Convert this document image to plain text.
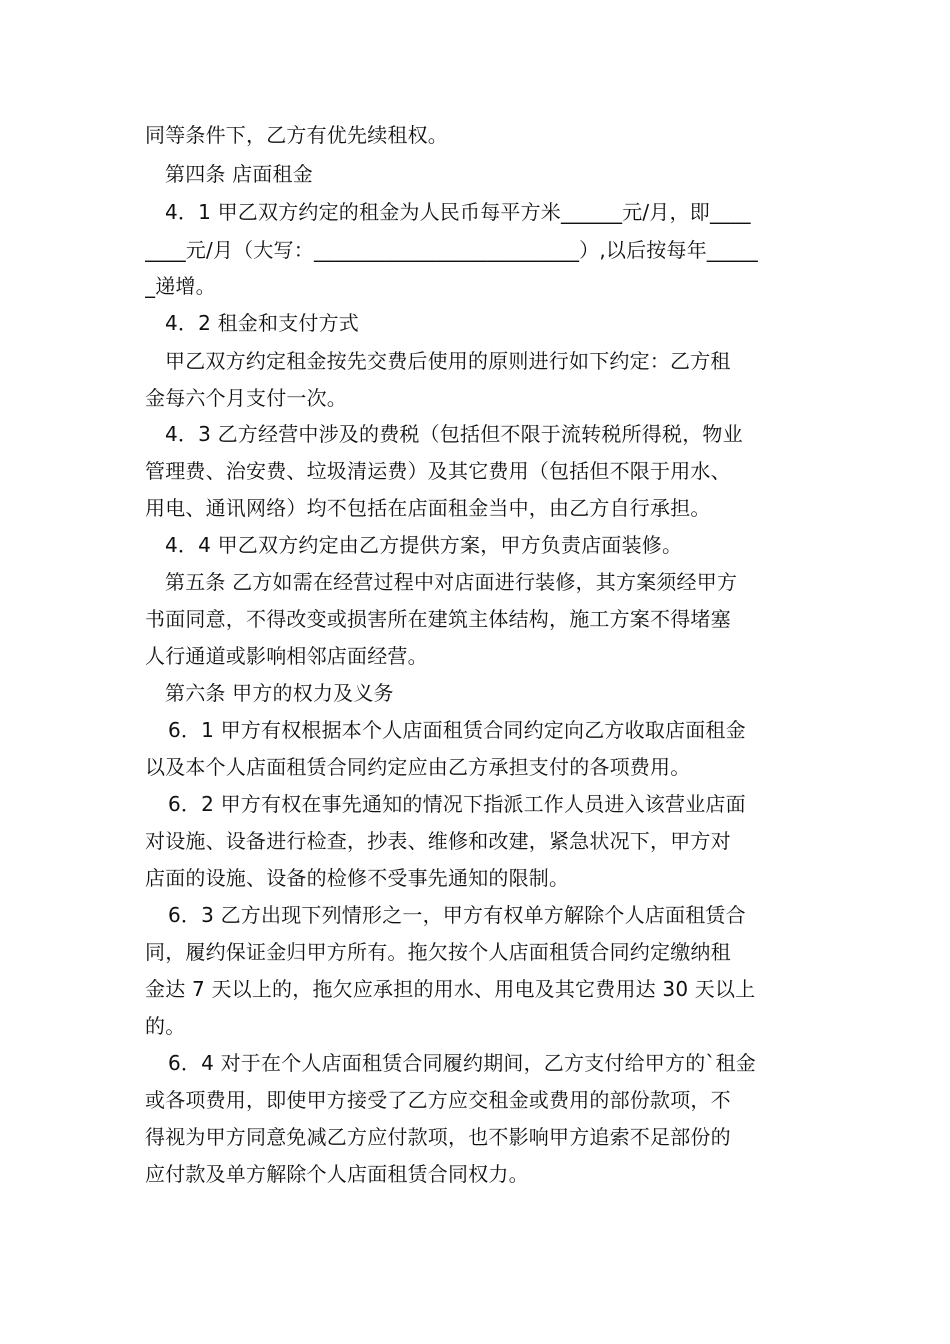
同等条件下，乙方有优先续租权。
第四条 店面租金
4．1 甲乙双方约定的租金为人民币每平方米______元/月，即____
____元/月（大写：__________________________）,以后按每年_____
_递增。
4．2 租金和支付方式
甲乙双方约定租金按先交费后使用的原则进行如下约定：乙方租
金每六个月支付一次。
4．3 乙方经营中涉及的费税（包括但不限于流转税所得税，物业
管理费、治安费、垃圾清运费）及其它费用（包括但不限于用水、
用电、通讯网络）均不包括在店面租金当中，由乙方自行承担。
4．4 甲乙双方约定由乙方提供方案，甲方负责店面装修。
第五条 乙方如需在经营过程中对店面进行装修，其方案须经甲方
书面同意，不得改变或损害所在建筑主体结构，施工方案不得堵塞
人行通道或影响相邻店面经营。
第六条 甲方的权力及义务
6．1 甲方有权根据本个人店面租赁合同约定向乙方收取店面租金
以及本个人店面租赁合同约定应由乙方承担支付的各项费用。
6．2 甲方有权在事先通知的情况下指派工作人员进入该营业店面
对设施、设备进行检查，抄表、维修和改建，紧急状况下，甲方对
店面的设施、设备的检修不受事先通知的限制。
6．3 乙方出现下列情形之一，甲方有权单方解除个人店面租赁合
同，履约保证金归甲方所有。拖欠按个人店面租赁合同约定缴纳租
金达 7 天以上的，拖欠应承担的用水、用电及其它费用达 30 天以上
的。
6．4 对于在个人店面租赁合同履约期间，乙方支付给甲方的`租金
或各项费用，即使甲方接受了乙方应交租金或费用的部份款项，不
得视为甲方同意免减乙方应付款项，也不影响甲方追索不足部份的
应付款及单方解除个人店面租赁合同权力。
